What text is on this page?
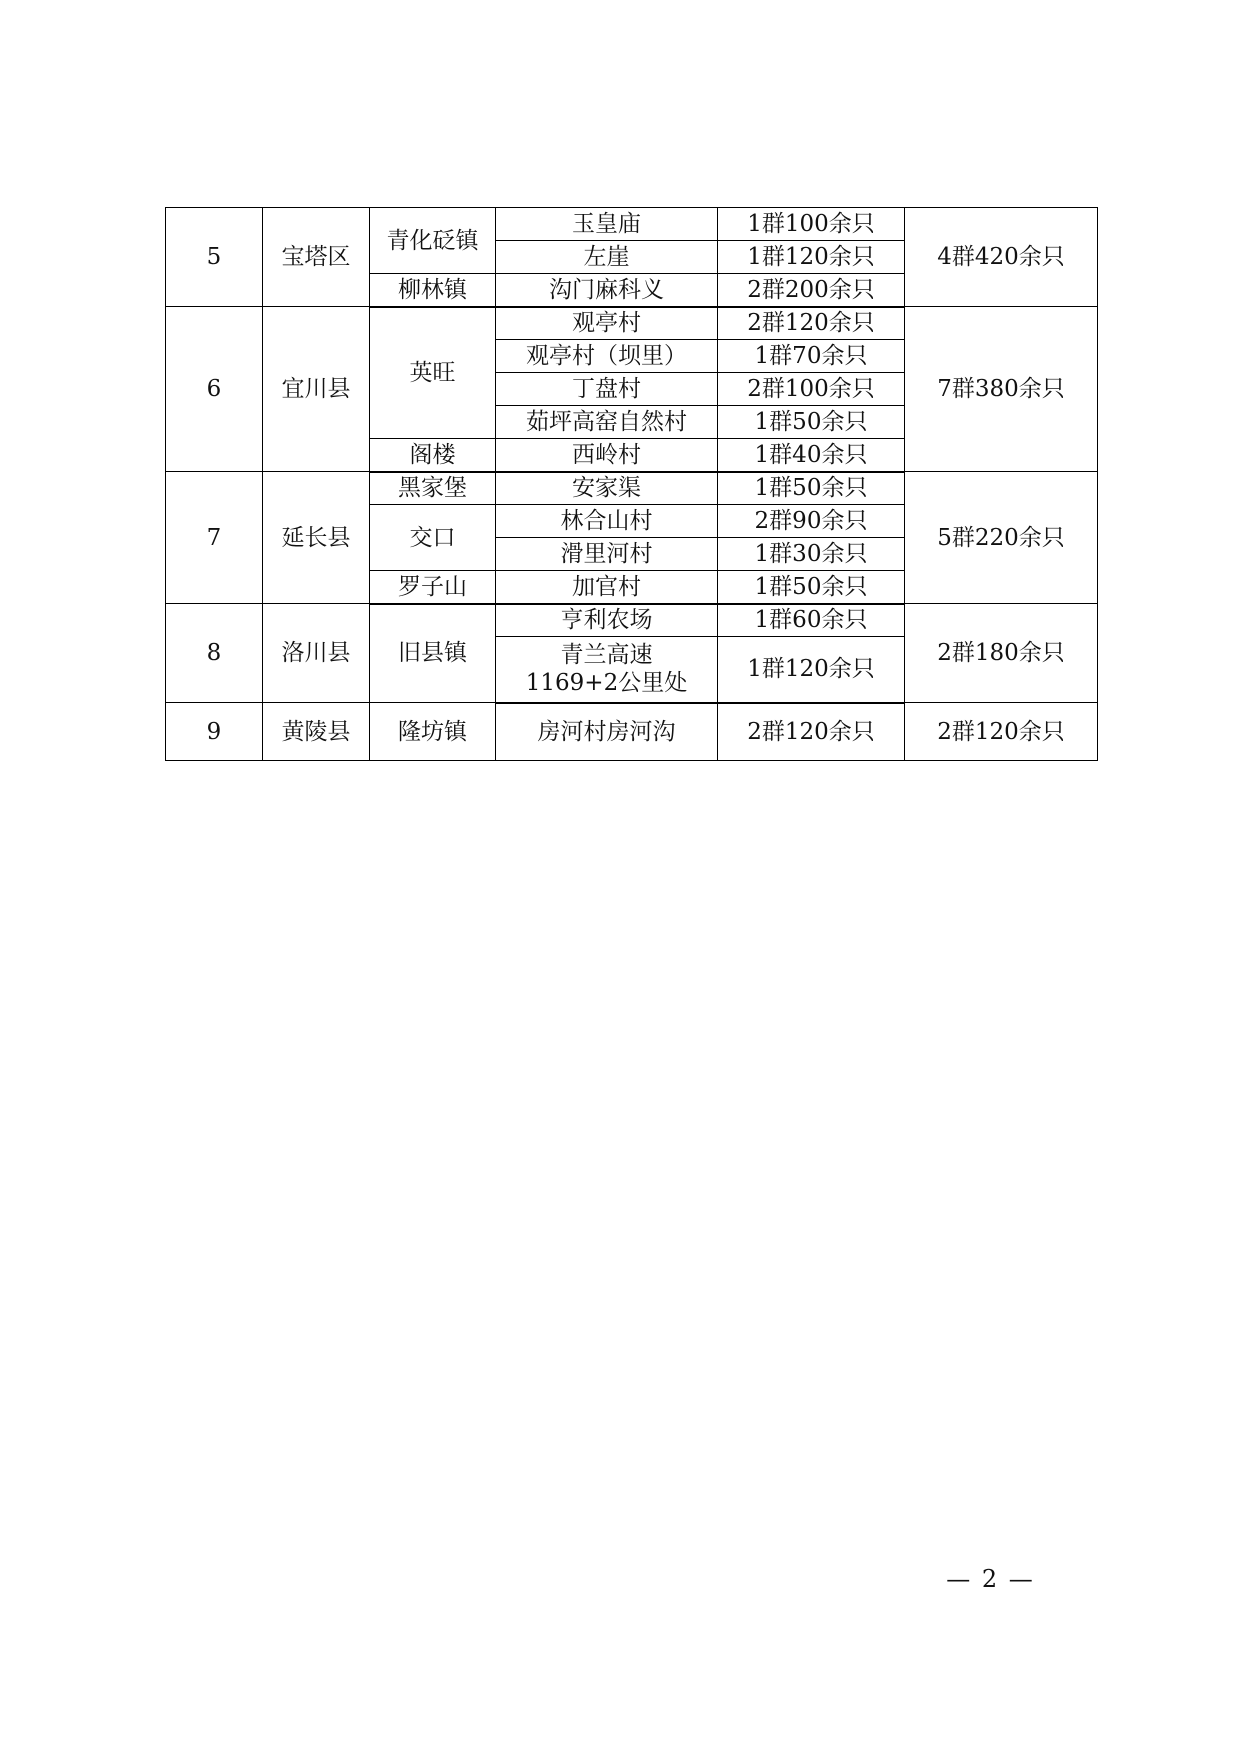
5	宝塔区	青化砭镇	玉皇庙	1群100余只	4群420余只
			左崖	1群120余只	
		柳林镇	沟门麻科义	2群200余只	
6	宜川县	英旺	观亭村	2群120余只	7群380余只
			观亭村（坝里）	1群70余只	
			丁盘村	2群100余只	
			茹坪高窑自然村	1群50余只	
		阁楼	西岭村	1群40余只	
7	延长县	黑家堡	安家渠	1群50余只	5群220余只
		交口	林合山村	2群90余只	
			滑里河村	1群30余只	
		罗子山	加官村	1群50余只	
8	洛川县	旧县镇	亨利农场	1群60余只	2群180余只
			青兰高速1169+2公里处	1群120余只	
9	黄陵县	隆坊镇	房河村房河沟	2群120余只	2群120余只
— 2 —
